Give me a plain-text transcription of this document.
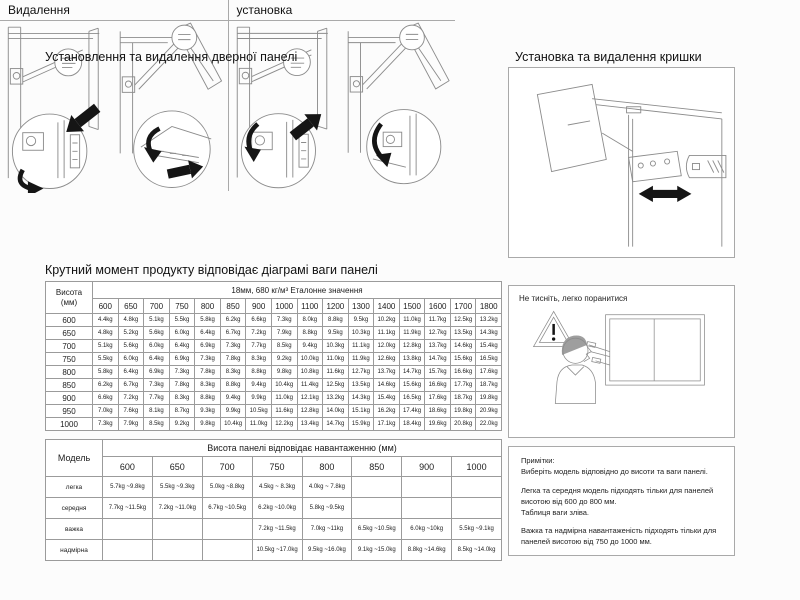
Установлення та видалення дверної панелі
Видалення	установка
Установка та видалення кришки
Крутний момент продукту відповідає діаграмі ваги панелі
Висота
(мм)	18мм, 680 кг/м³ Еталонне значення															
	600	650	700	750	800	850	900	1000	1100	1200	1300	1400	1500	1600	1700	1800
600	4.4kg	4.8kg	5.1kg	5.5kg	5.8kg	6.2kg	6.6kg	7.3kg	8.0kg	8.8kg	9.5kg	10.2kg	11.0kg	11.7kg	12.5kg	13.2kg
650	4.8kg	5.2kg	5.6kg	6.0kg	6.4kg	6.7kg	7.2kg	7.9kg	8.8kg	9.5kg	10.3kg	11.1kg	11.9kg	12.7kg	13.5kg	14.3kg
700	5.1kg	5.6kg	6.0kg	6.4kg	6.9kg	7.3kg	7.7kg	8.5kg	9.4kg	10.3kg	11.1kg	12.0kg	12.8kg	13.7kg	14.6kg	15.4kg
750	5.5kg	6.0kg	6.4kg	6.9kg	7.3kg	7.8kg	8.3kg	9.2kg	10.0kg	11.0kg	11.9kg	12.6kg	13.8kg	14.7kg	15.6kg	16.5kg
800	5.8kg	6.4kg	6.9kg	7.3kg	7.8kg	8.3kg	8.8kg	9.8kg	10.8kg	11.6kg	12.7kg	13.7kg	14.7kg	15.7kg	16.6kg	17.6kg
850	6.2kg	6.7kg	7.3kg	7.8kg	8.3kg	8.8kg	9.4kg	10.4kg	11.4kg	12.5kg	13.5kg	14.6kg	15.6kg	16.6kg	17.7kg	18.7kg
900	6.6kg	7.2kg	7.7kg	8.3kg	8.8kg	9.4kg	9.9kg	11.0kg	12.1kg	13.2kg	14.3kg	15.4kg	16.5kg	17.6kg	18.7kg	19.8kg
950	7.0kg	7.6kg	8.1kg	8.7kg	9.3kg	9.9kg	10.5kg	11.6kg	12.8kg	14.0kg	15.1kg	16.2kg	17.4kg	18.6kg	19.8kg	20.9kg
1000	7.3kg	7.9kg	8.5kg	9.2kg	9.8kg	10.4kg	11.0kg	12.2kg	13.4kg	14.7kg	15.9kg	17.1kg	18.4kg	19.6kg	20.8kg	22.0kg
Модель	Висота панелі відповідає навантаженню (мм)							
	600	650	700	750	800	850	900	1000
легка	5.7kg ~9.8kg	5.5kg ~9.3kg	5.0kg ~8.8kg	4.5kg ~ 8.3kg	4.0kg ~ 7.8kg			
середня	7.7kg ~11.5kg	7.2kg ~11.0kg	6.7kg ~10.5kg	6.2kg ~10.0kg	5.8kg ~9.5kg			
важка				7.2kg ~11.5kg	7.0kg ~11kg	6.5kg ~10.5kg	6.0kg ~10kg	5.5kg ~9.1kg
надмірна				10.5kg ~17.0kg	9.5kg ~16.0kg	9.1kg ~15.0kg	8.8kg ~14.6kg	8.5kg ~14.0kg
Не тисніть, легко поранитися
Примітки:
Виберіть модель відповідно до висоти та ваги панелі.
Легка та середня модель підходять тільки для панелей
висотою від 600 до 800 мм.
Таблиця ваги зліва.
Важка та надмірна навантаженість підходять тільки для
панелей висотою від 750 до 1000 мм.
